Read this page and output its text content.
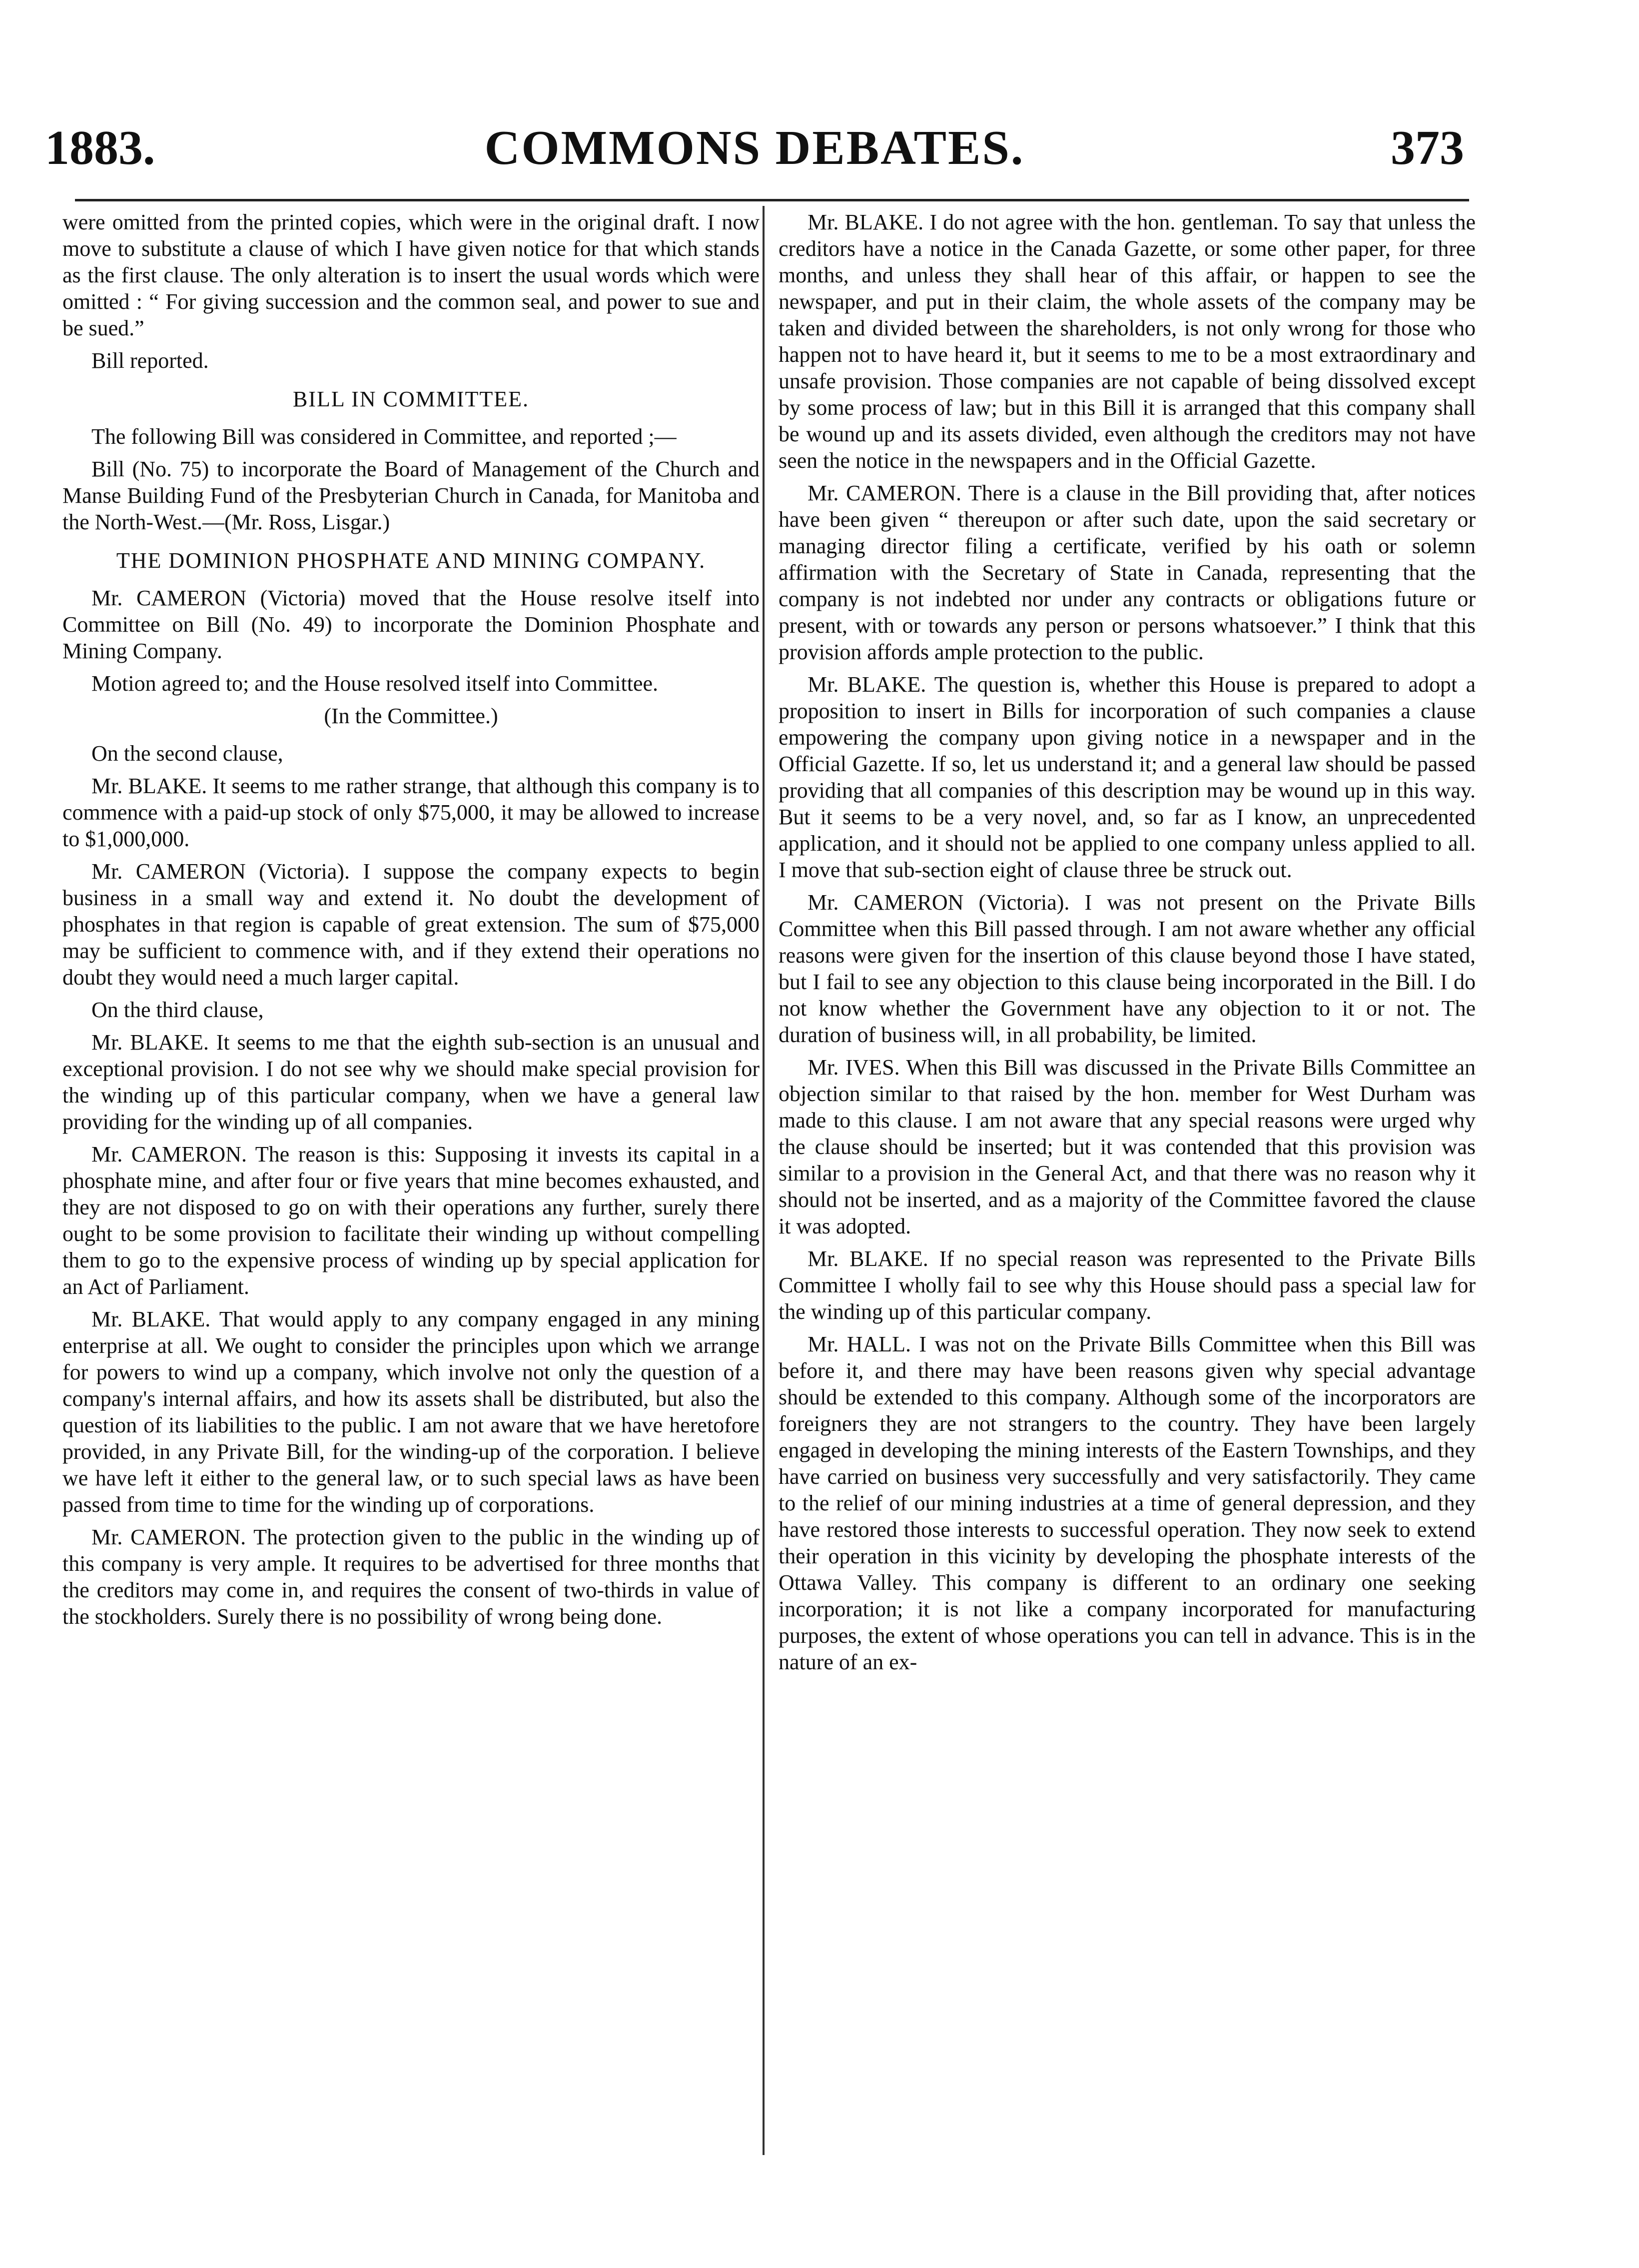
1883.	COMMONS DEBATES.	373

were omitted from the printed copies, which were in the original draft. I now move to substitute a clause of which I have given notice for that which stands as the first clause. The only alteration is to insert the usual words which were omitted : “ For giving succession and the common seal, and power to sue and be sued.”

Bill reported.

BILL IN COMMITTEE.

The following Bill was considered in Committee, and reported ;—

Bill (No. 75) to incorporate the Board of Management of the Church and Manse Building Fund of the Presbyterian Church in Canada, for Manitoba and the North-West.—(Mr. Ross, Lisgar.)

THE DOMINION PHOSPHATE AND MINING COMPANY.

Mr. CAMERON (Victoria) moved that the House resolve itself into Committee on Bill (No. 49) to incorporate the Dominion Phosphate and Mining Company.

Motion agreed to; and the House resolved itself into Committee.

(In the Committee.)

On the second clause,

Mr. BLAKE. It seems to me rather strange, that although this company is to commence with a paid-up stock of only $75,000, it may be allowed to increase to $1,000,000.

Mr. CAMERON (Victoria). I suppose the company expects to begin business in a small way and extend it. No doubt the development of phosphates in that region is capable of great extension. The sum of $75,000 may be sufficient to commence with, and if they extend their operations no doubt they would need a much larger capital.

On the third clause,

Mr. BLAKE. It seems to me that the eighth sub-section is an unusual and exceptional provision. I do not see why we should make special provision for the winding up of this particular company, when we have a general law providing for the winding up of all companies.

Mr. CAMERON. The reason is this: Supposing it invests its capital in a phosphate mine, and after four or five years that mine becomes exhausted, and they are not disposed to go on with their operations any further, surely there ought to be some provision to facilitate their winding up without compelling them to go to the expensive process of winding up by special application for an Act of Parliament.

Mr. BLAKE. That would apply to any company engaged in any mining enterprise at all. We ought to consider the principles upon which we arrange for powers to wind up a company, which involve not only the question of a company's internal affairs, and how its assets shall be distributed, but also the question of its liabilities to the public. I am not aware that we have heretofore provided, in any Private Bill, for the winding-up of the corporation. I believe we have left it either to the general law, or to such special laws as have been passed from time to time for the winding up of corporations.

Mr. CAMERON. The protection given to the public in the winding up of this company is very ample. It requires to be advertised for three months that the creditors may come in, and requires the consent of two-thirds in value of the stockholders. Surely there is no possibility of wrong being done.

Mr. BLAKE. I do not agree with the hon. gentleman. To say that unless the creditors have a notice in the Canada Gazette, or some other paper, for three months, and unless they shall hear of this affair, or happen to see the newspaper, and put in their claim, the whole assets of the company may be taken and divided between the shareholders, is not only wrong for those who happen not to have heard it, but it seems to me to be a most extraordinary and unsafe provision. Those companies are not capable of being dissolved except by some process of law; but in this Bill it is arranged that this company shall be wound up and its assets divided, even although the creditors may not have seen the notice in the newspapers and in the Official Gazette.

Mr. CAMERON. There is a clause in the Bill providing that, after notices have been given “ thereupon or after such date, upon the said secretary or managing director filing a certificate, verified by his oath or solemn affirmation with the Secretary of State in Canada, representing that the company is not indebted nor under any contracts or obligations future or present, with or towards any person or persons whatsoever.” I think that this provision affords ample protection to the public.

Mr. BLAKE. The question is, whether this House is prepared to adopt a proposition to insert in Bills for incorporation of such companies a clause empowering the company upon giving notice in a newspaper and in the Official Gazette. If so, let us understand it; and a general law should be passed providing that all companies of this description may be wound up in this way. But it seems to be a very novel, and, so far as I know, an unprecedented application, and it should not be applied to one company unless applied to all. I move that sub-section eight of clause three be struck out.

Mr. CAMERON (Victoria). I was not present on the Private Bills Committee when this Bill passed through. I am not aware whether any official reasons were given for the insertion of this clause beyond those I have stated, but I fail to see any objection to this clause being incorporated in the Bill. I do not know whether the Government have any objection to it or not. The duration of business will, in all probability, be limited.

Mr. IVES. When this Bill was discussed in the Private Bills Committee an objection similar to that raised by the hon. member for West Durham was made to this clause. I am not aware that any special reasons were urged why the clause should be inserted; but it was contended that this provision was similar to a provision in the General Act, and that there was no reason why it should not be inserted, and as a majority of the Committee favored the clause it was adopted.

Mr. BLAKE. If no special reason was represented to the Private Bills Committee I wholly fail to see why this House should pass a special law for the winding up of this particular company.

Mr. HALL. I was not on the Private Bills Committee when this Bill was before it, and there may have been reasons given why special advantage should be extended to this company. Although some of the incorporators are foreigners they are not strangers to the country. They have been largely engaged in developing the mining interests of the Eastern Townships, and they have carried on business very successfully and very satisfactorily. They came to the relief of our mining industries at a time of general depression, and they have restored those interests to successful operation. They now seek to extend their operation in this vicinity by developing the phosphate interests of the Ottawa Valley. This company is different to an ordinary one seeking incorporation; it is not like a company incorporated for manufacturing purposes, the extent of whose operations you can tell in advance. This is in the nature of an ex-
